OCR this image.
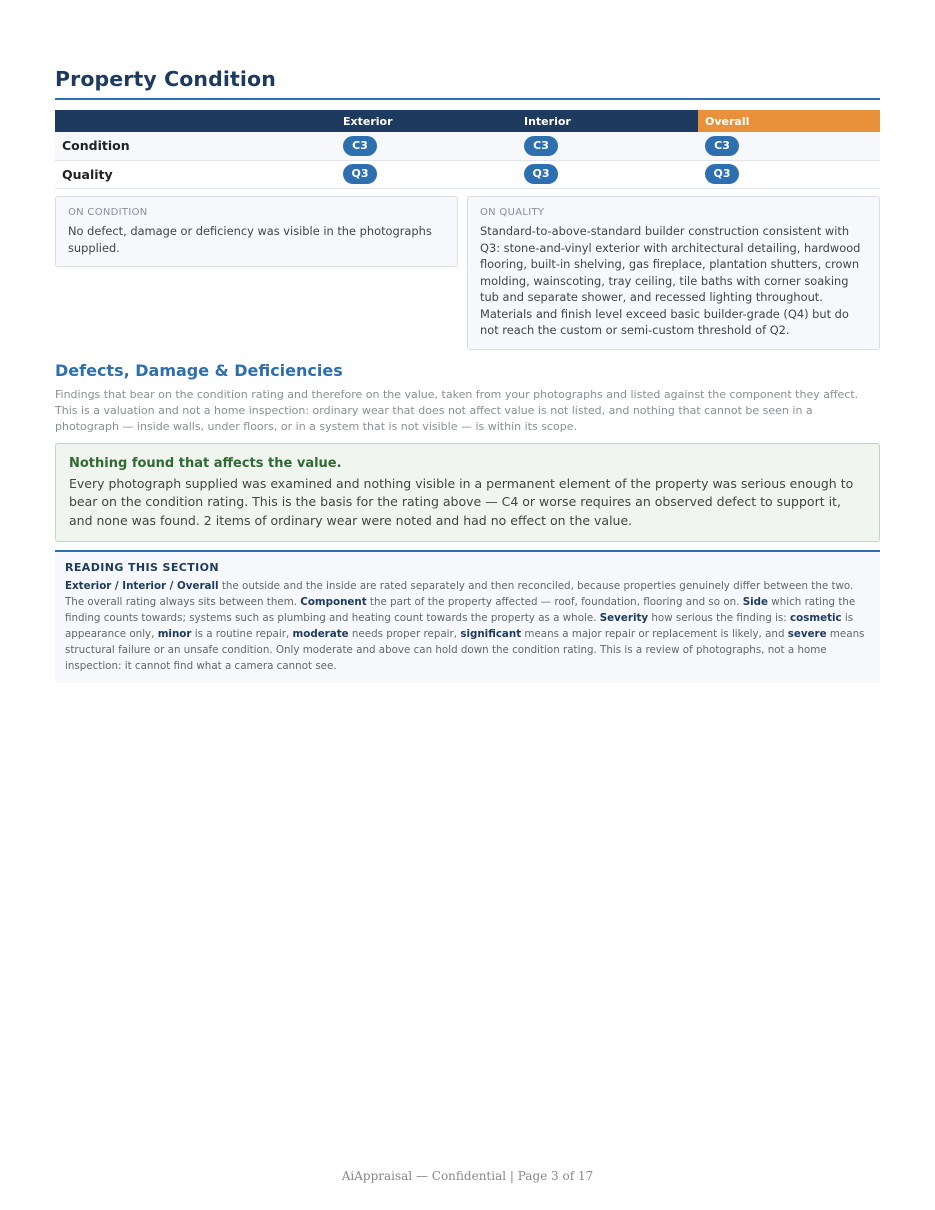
Property Condition
	Exterior	Interior	Overall
Condition	C3	C3	C3
Quality	Q3	Q3	Q3
ON CONDITION
No defect, damage or deficiency was visible in the photographs supplied.
ON QUALITY
Standard-to-above-standard builder construction consistent with Q3: stone-and-vinyl exterior with architectural detailing, hardwood flooring, built-in shelving, gas fireplace, plantation shutters, crown molding, wainscoting, tray ceiling, tile baths with corner soaking tub and separate shower, and recessed lighting throughout. Materials and finish level exceed basic builder-grade (Q4) but do not reach the custom or semi-custom threshold of Q2.
Defects, Damage & Deficiencies

Findings that bear on the condition rating and therefore on the value, taken from your photographs and listed against the component they affect. This is a valuation and not a home inspection: ordinary wear that does not affect value is not listed, and nothing that cannot be seen in a photograph — inside walls, under floors, or in a system that is not visible — is within its scope.

Nothing found that affects the value.
Every photograph supplied was examined and nothing visible in a permanent element of the property was serious enough to bear on the condition rating. This is the basis for the rating above — C4 or worse requires an observed defect to support it, and none was found. 2 items of ordinary wear were noted and had no effect on the value.
READING THIS SECTION

Exterior / Interior / Overall the outside and the inside are rated separately and then reconciled, because properties genuinely differ between the two. The overall rating always sits between them. Component the part of the property affected — roof, foundation, flooring and so on. Side which rating the finding counts towards; systems such as plumbing and heating count towards the property as a whole. Severity how serious the finding is: cosmetic is appearance only, minor is a routine repair, moderate needs proper repair, significant means a major repair or replacement is likely, and severe means structural failure or an unsafe condition. Only moderate and above can hold down the condition rating. This is a review of photographs, not a home inspection: it cannot find what a camera cannot see.

AiAppraisal — Confidential | Page 3 of 17
